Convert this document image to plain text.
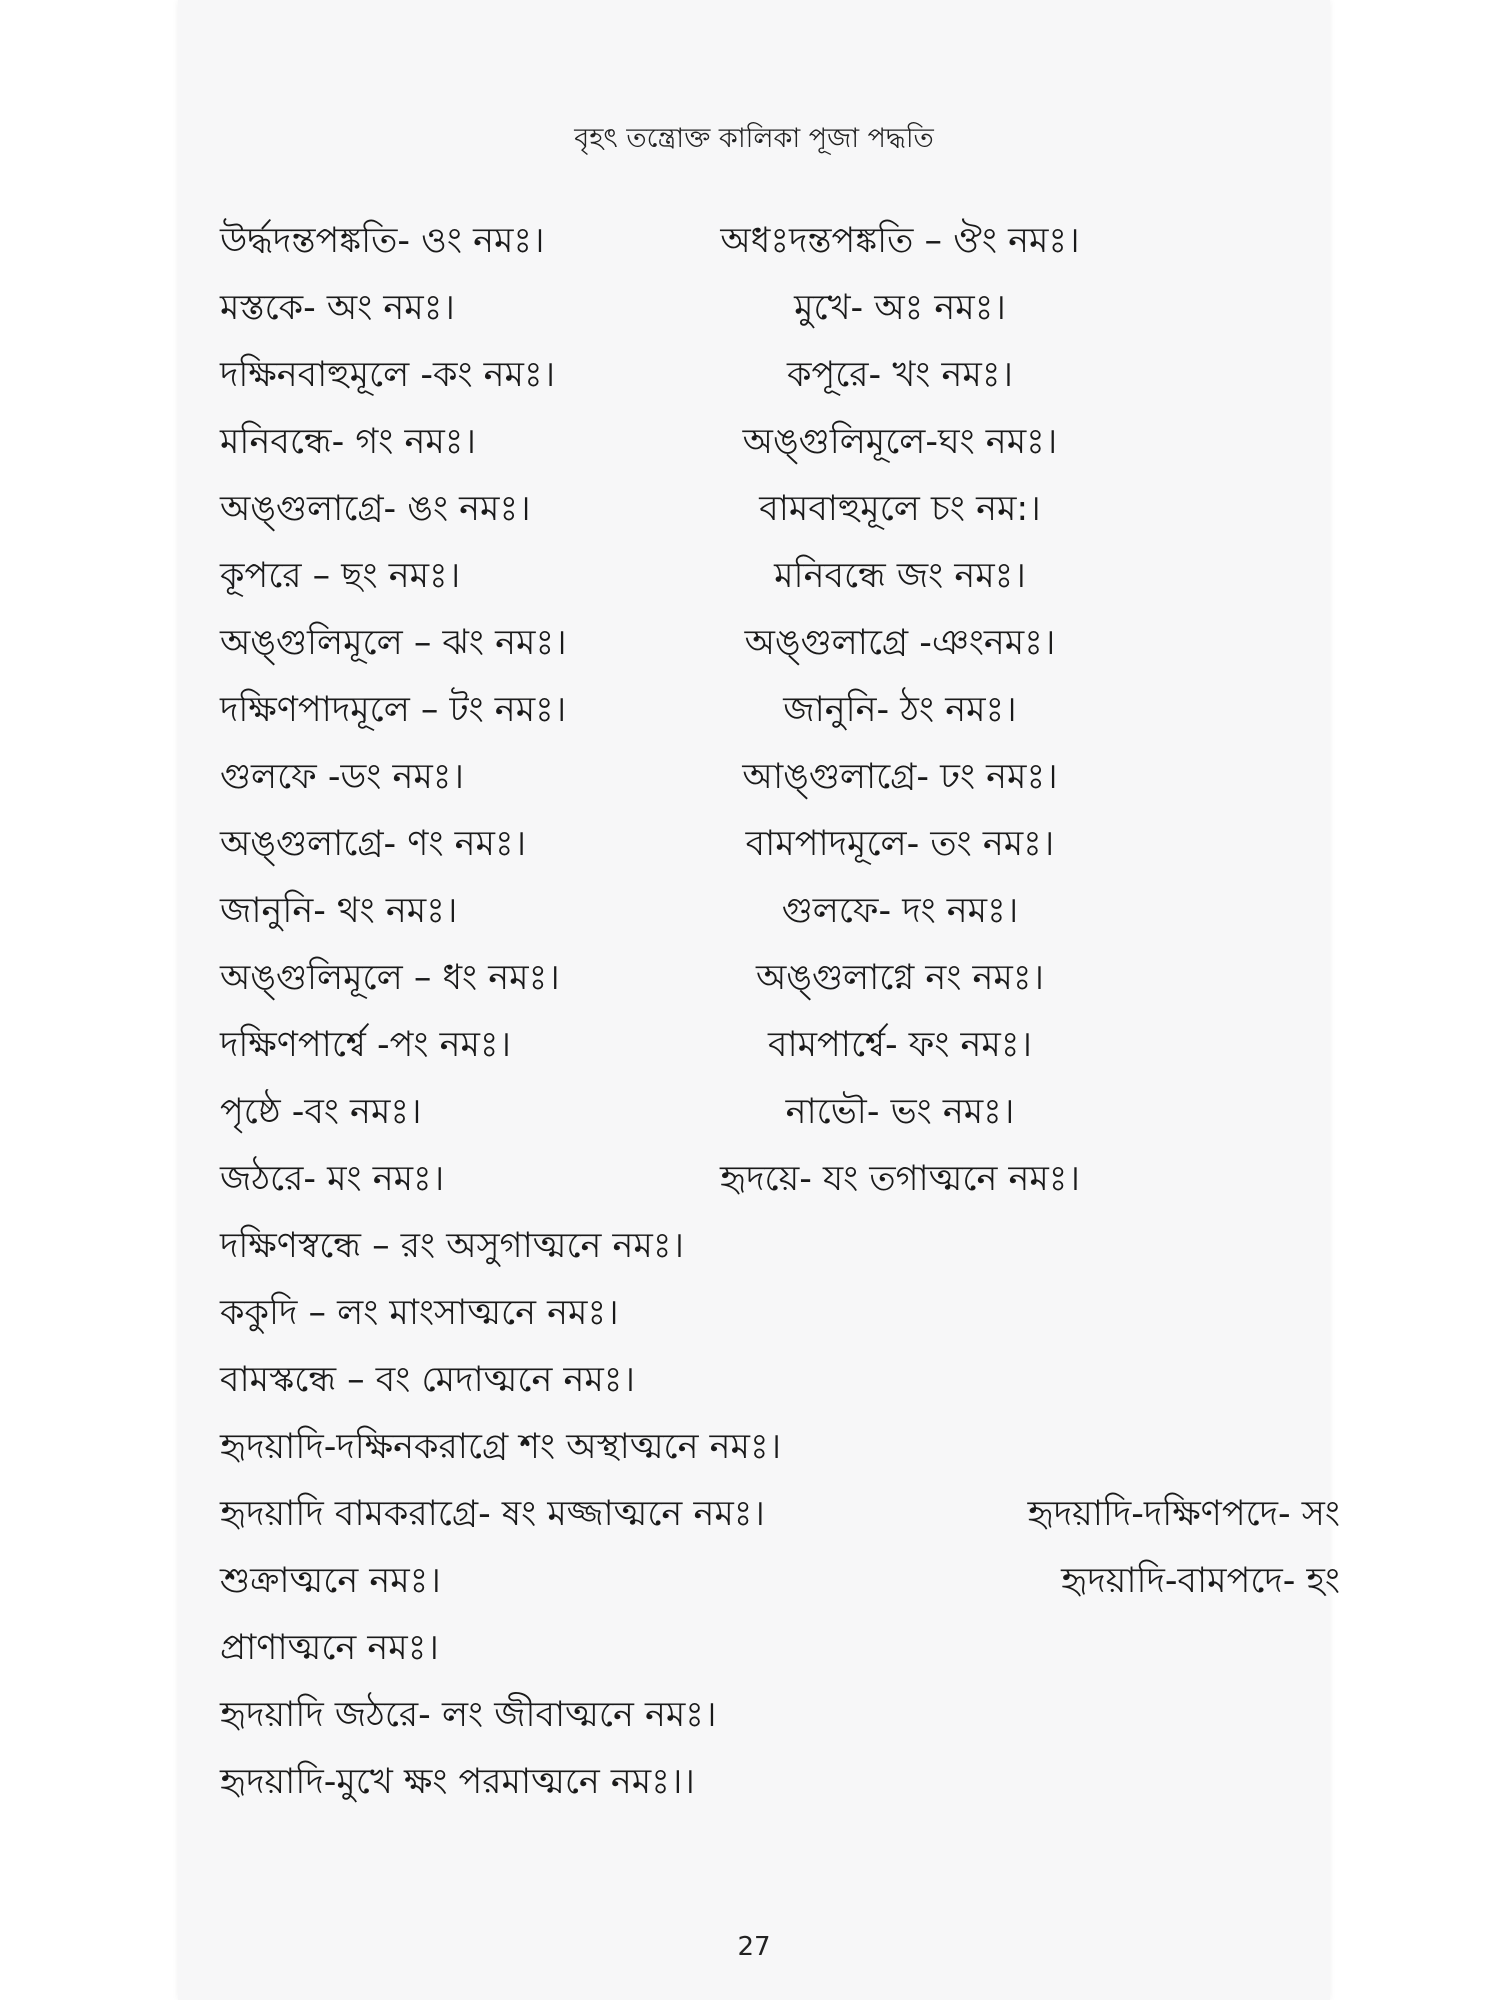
বৃহৎ তন্ত্রোক্ত কালিকা পূজা পদ্ধতি
উর্দ্ধদন্তপঙ্কতি- ওং নমঃ।	অধঃদন্তপঙ্কতি – ঔং নমঃ।
মস্তকে- অং নমঃ।	মুখে- অঃ নমঃ।
দক্ষিনবাহুমূলে -কং নমঃ।	কপূরে- খং নমঃ।
মনিবন্ধে- গং নমঃ।	অঙ্গুলিমূলে-ঘং নমঃ।
অঙ্গুলাগ্রে- ঙং নমঃ।	বামবাহুমূলে চং নম:।
কূপরে – ছং নমঃ।	মনিবন্ধে জং নমঃ।
অঙ্গুলিমূলে – ঝং নমঃ।	অঙ্গুলাগ্রে -ঞংনমঃ।
দক্ষিণপাদমূলে – টং নমঃ।	জানুনি- ঠং নমঃ।
গুলফে -ডং নমঃ।	আঙ্গুলাগ্রে- ঢং নমঃ।
অঙ্গুলাগ্রে- ণং নমঃ।	বামপাদমূলে- তং নমঃ।
জানুনি- থং নমঃ।	গুলফে- দং নমঃ।
অঙ্গুলিমূলে – ধং নমঃ।	অঙ্গুলাগ্নে নং নমঃ।
দক্ষিণপার্শ্বে -পং নমঃ।	বামপার্শ্বে- ফং নমঃ।
পৃষ্ঠে -বং নমঃ।	নাভৌ- ভং নমঃ।
জঠরে- মং নমঃ।	হৃদয়ে- যং তগাত্মনে নমঃ।
দক্ষিণস্বন্ধে – রং অসুগাত্মনে নমঃ।
ককুদি – লং মাংসাত্মনে নমঃ।
বামস্কন্ধে – বং মেদাত্মনে নমঃ।
হৃদয়াদি-দক্ষিনকরাগ্রে শং অস্থাত্মনে নমঃ।
হৃদয়াদি বামকরাগ্রে- ষং মজ্জাত্মনে নমঃ।	হৃদয়াদি-দক্ষিণপদে- সং
শুক্রাত্মনে নমঃ।	হৃদয়াদি-বামপদে- হং
প্রাণাত্মনে নমঃ।
হৃদয়াদি জঠরে- লং জীবাত্মনে নমঃ।
হৃদয়াদি-মুখে ক্ষং পরমাত্মনে নমঃ।।
27
